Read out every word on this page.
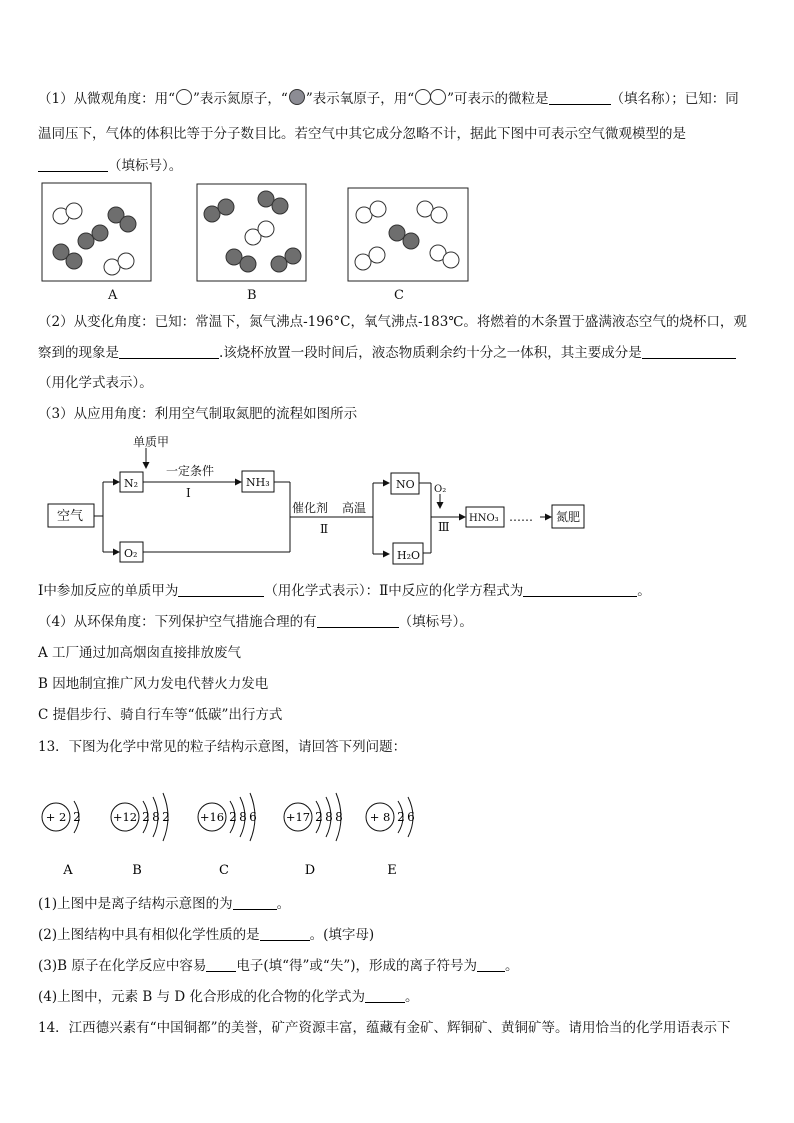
（1）从微观角度：用“ ”表示氮原子，“ ”表示氧原子，用“ ”可表示的微粒是	（填名称）；已知：同
温同压下，气体的体积比等于分子数目比。若空气中其它成分忽略不计，据此下图中可表示空气微观模型的是
（填标号）。
A	B	C
（2）从变化角度：已知：常温下，氮气沸点-196°C，氧气沸点-183℃。将燃着的木条置于盛满液态空气的烧杯口，观
察到的现象是	.该烧杯放置一段时间后，液态物质剩余约十分之一体积，其主要成分是
（用化学式表示）。
（3）从应用角度：利用空气制取氮肥的流程如图所示
空气
单质甲
N₂
一定条件
Ⅰ
NH₃
O₂
催化剂 高温
Ⅱ
NO O₂
Ⅲ
H₂O
HNO₃ …… 氮肥
Ⅰ中参加反应的单质甲为	（用化学式表示）：Ⅱ中反应的化学方程式为	。
（4）从环保角度：下列保护空气措施合理的有	（填标号）。
A 工厂通过加高烟囱直接排放废气
B 因地制宜推广风力发电代替火力发电
C 提倡步行、骑自行车等“低碳”出行方式
13．下图为化学中常见的粒子结构示意图，请回答下列问题：
+ 2 2
A
+12 2 8 2
B
+16 2 8 6
C
+17 2 8 8
D
+ 8 2 6
E
(1)上图中是离子结构示意图的为	。
(2)上图结构中具有相似化学性质的是	。(填字母)
(3)B 原子在化学反应中容易 电子(填“得”或“失”)，形成的离子符号为 。
(4)上图中，元素 B 与 D 化合形成的化合物的化学式为	。
14．江西德兴素有“中国铜都”的美誉，矿产资源丰富，蕴藏有金矿、辉铜矿、黄铜矿等。请用恰当的化学用语表示下
